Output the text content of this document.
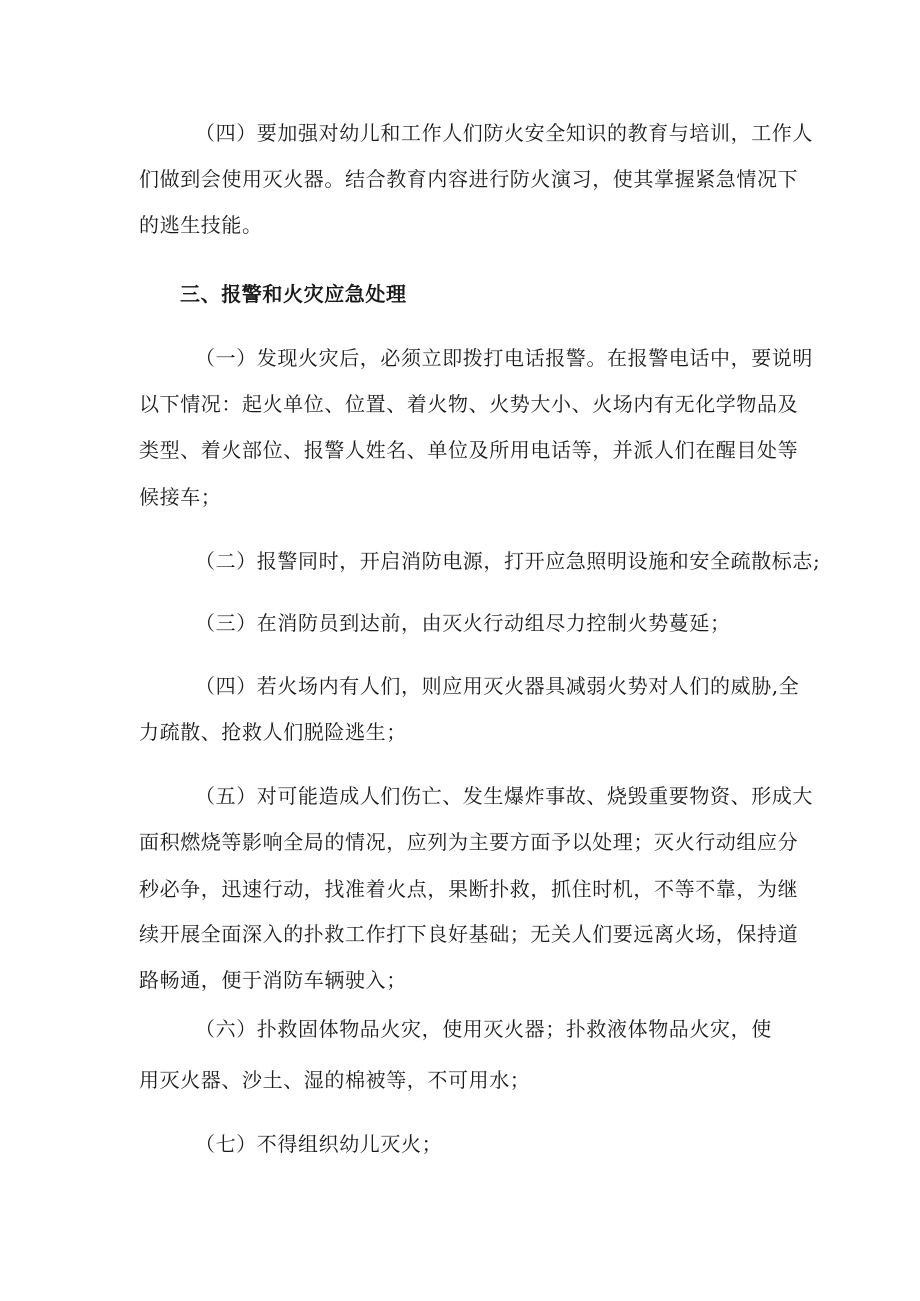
（四）要加强对幼儿和工作人们防火安全知识的教育与培训，工作人
们做到会使用灭火器。结合教育内容进行防火演习，使其掌握紧急情况下
的逃生技能。
三、报警和火灾应急处理
（一）发现火灾后，必须立即拨打电话报警。在报警电话中，要说明
以下情况：起火单位、位置、着火物、火势大小、火场内有无化学物品及
类型、着火部位、报警人姓名、单位及所用电话等，并派人们在醒目处等
候接车；
（二）报警同时，开启消防电源，打开应急照明设施和安全疏散标志;
（三）在消防员到达前，由灭火行动组尽力控制火势蔓延；
（四）若火场内有人们，则应用灭火器具减弱火势对人们的威胁,全
力疏散、抢救人们脱险逃生；
（五）对可能造成人们伤亡、发生爆炸事故、烧毁重要物资、形成大
面积燃烧等影响全局的情况，应列为主要方面予以处理；灭火行动组应分
秒必争，迅速行动，找准着火点，果断扑救，抓住时机，不等不靠，为继
续开展全面深入的扑救工作打下良好基础；无关人们要远离火场，保持道
路畅通，便于消防车辆驶入；
（六）扑救固体物品火灾，使用灭火器；扑救液体物品火灾，使
用灭火器、沙土、湿的棉被等，不可用水；
（七）不得组织幼儿灭火；
